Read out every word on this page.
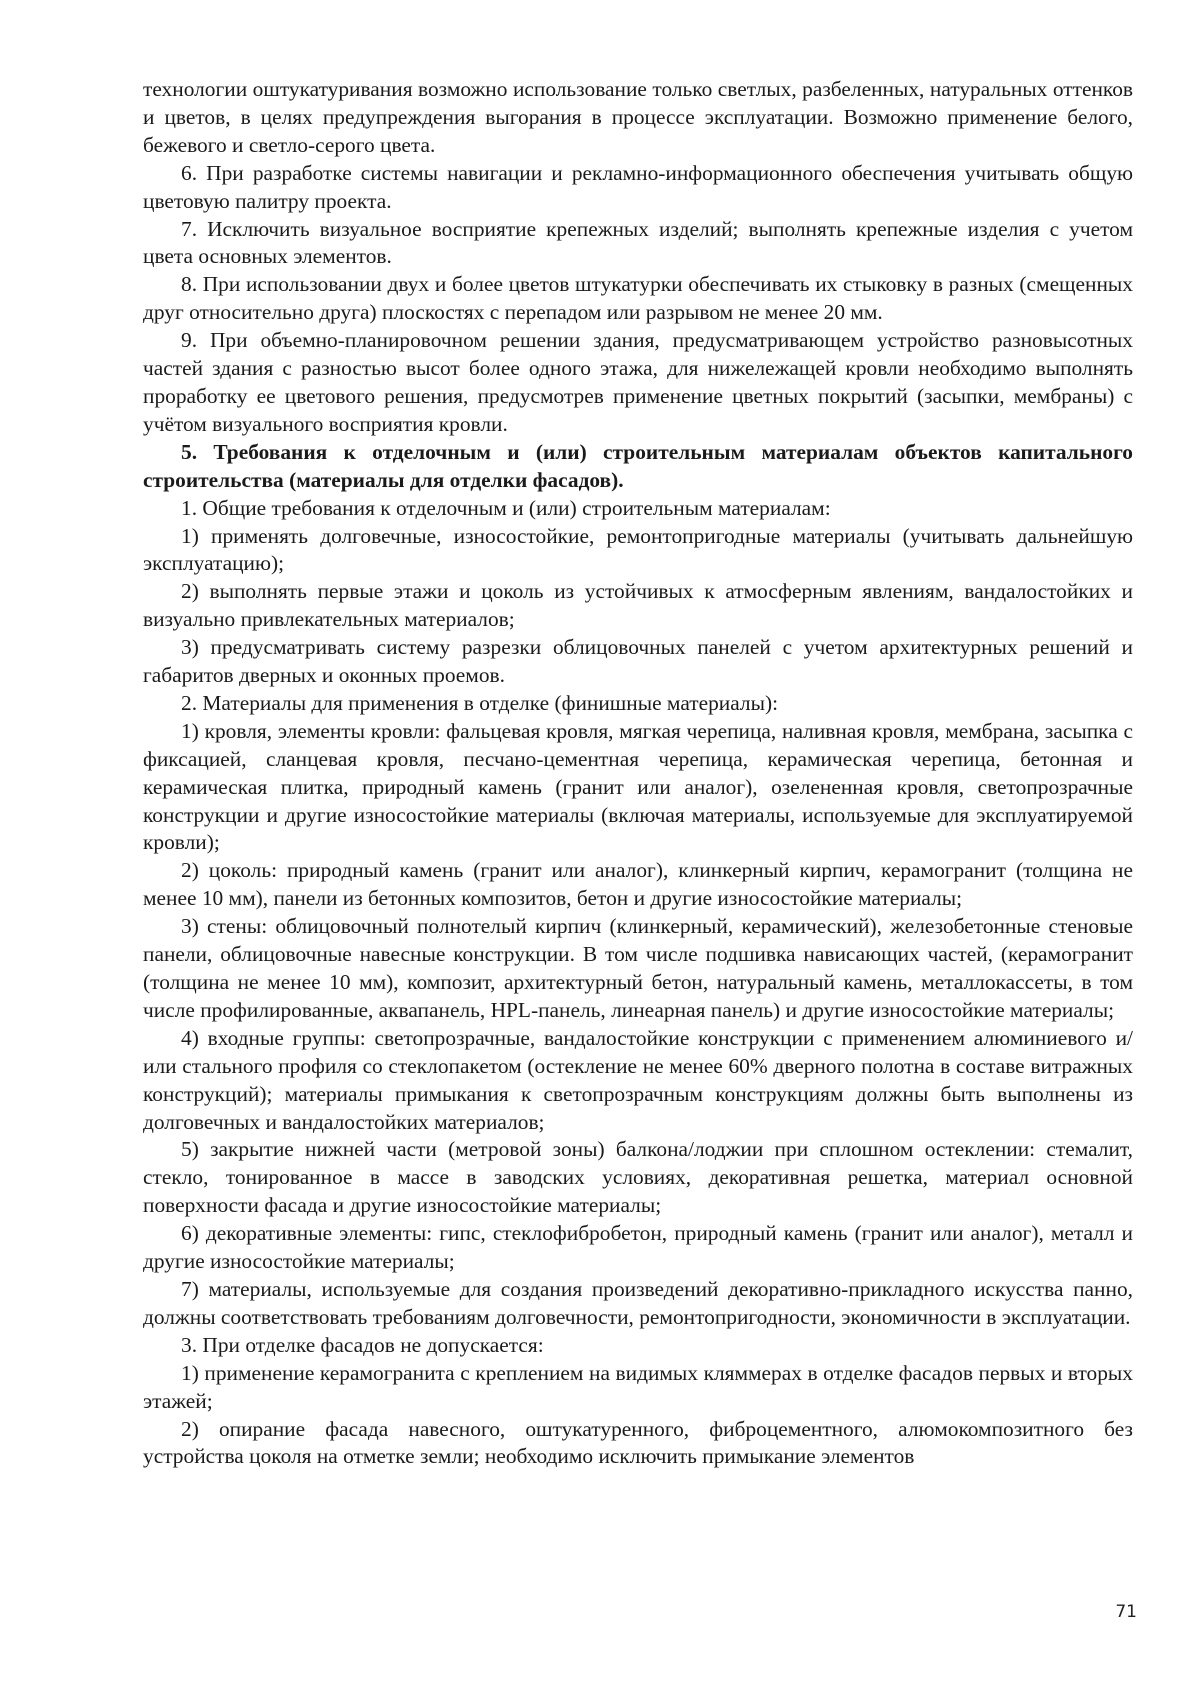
технологии оштукатуривания возможно использование только светлых, разбеленных, натуральных оттенков и цветов, в целях предупреждения выгорания в процессе эксплуатации. Возможно применение белого, бежевого и светло-серого цвета.

6. При разработке системы навигации и рекламно-информационного обеспечения учитывать общую цветовую палитру проекта.

7. Исключить визуальное восприятие крепежных изделий; выполнять крепежные изделия с учетом цвета основных элементов.

8. При использовании двух и более цветов штукатурки обеспечивать их стыковку в разных (смещенных друг относительно друга) плоскостях с перепадом или разрывом не менее 20 мм.

9. При объемно-планировочном решении здания, предусматривающем устройство разновысотных частей здания с разностью высот более одного этажа, для нижележащей кровли необходимо выполнять проработку ее цветового решения, предусмотрев применение цветных покрытий (засыпки, мембраны) с учётом визуального восприятия кровли.

5. Требования к отделочным и (или) строительным материалам объектов капитального строительства (материалы для отделки фасадов).

1. Общие требования к отделочным и (или) строительным материалам:

1) применять долговечные, износостойкие, ремонтопригодные материалы (учитывать дальнейшую эксплуатацию);

2) выполнять первые этажи и цоколь из устойчивых к атмосферным явлениям, вандалостойких и визуально привлекательных материалов;

3) предусматривать систему разрезки облицовочных панелей с учетом архитектурных решений и габаритов дверных и оконных проемов.

2. Материалы для применения в отделке (финишные материалы):

1) кровля, элементы кровли: фальцевая кровля, мягкая черепица, наливная кровля, мембрана, засыпка с фиксацией, сланцевая кровля, песчано-цементная черепица, керамическая черепица, бетонная и керамическая плитка, природный камень (гранит или аналог), озелененная кровля, светопрозрачные конструкции и другие износостойкие материалы (включая материалы, используемые для эксплуатируемой кровли);

2) цоколь: природный камень (гранит или аналог), клинкерный кирпич, керамогранит (толщина не менее 10 мм), панели из бетонных композитов, бетон и другие износостойкие материалы;

3) стены: облицовочный полнотелый кирпич (клинкерный, керамический), железобетонные стеновые панели, облицовочные навесные конструкции. В том числе подшивка нависающих частей, (керамогранит (толщина не менее 10 мм), композит, архитектурный бетон, натуральный камень, металлокассеты, в том числе профилированные, аквапанель, HPL-панель, линеарная панель) и другие износостойкие материалы;

4) входные группы: светопрозрачные, вандалостойкие конструкции с применением алюминиевого и/или стального профиля со стеклопакетом (остекление не менее 60% дверного полотна в составе витражных конструкций); материалы примыкания к светопрозрачным конструкциям должны быть выполнены из долговечных и вандалостойких материалов;

5) закрытие нижней части (метровой зоны) балкона/лоджии при сплошном остеклении: стемалит, стекло, тонированное в массе в заводских условиях, декоративная решетка, материал основной поверхности фасада и другие износостойкие материалы;

6) декоративные элементы: гипс, стеклофибробетон, природный камень (гранит или аналог), металл и другие износостойкие материалы;

7) материалы, используемые для создания произведений декоративно-прикладного искусства панно, должны соответствовать требованиям долговечности, ремонтопригодности, экономичности в эксплуатации.

3. При отделке фасадов не допускается:

1) применение керамогранита с креплением на видимых кляммерах в отделке фасадов первых и вторых этажей;

2) опирание фасада навесного, оштукатуренного, фиброцементного, алюмокомпозитного без устройства цоколя на отметке земли; необходимо исключить примыкание элементов

71
